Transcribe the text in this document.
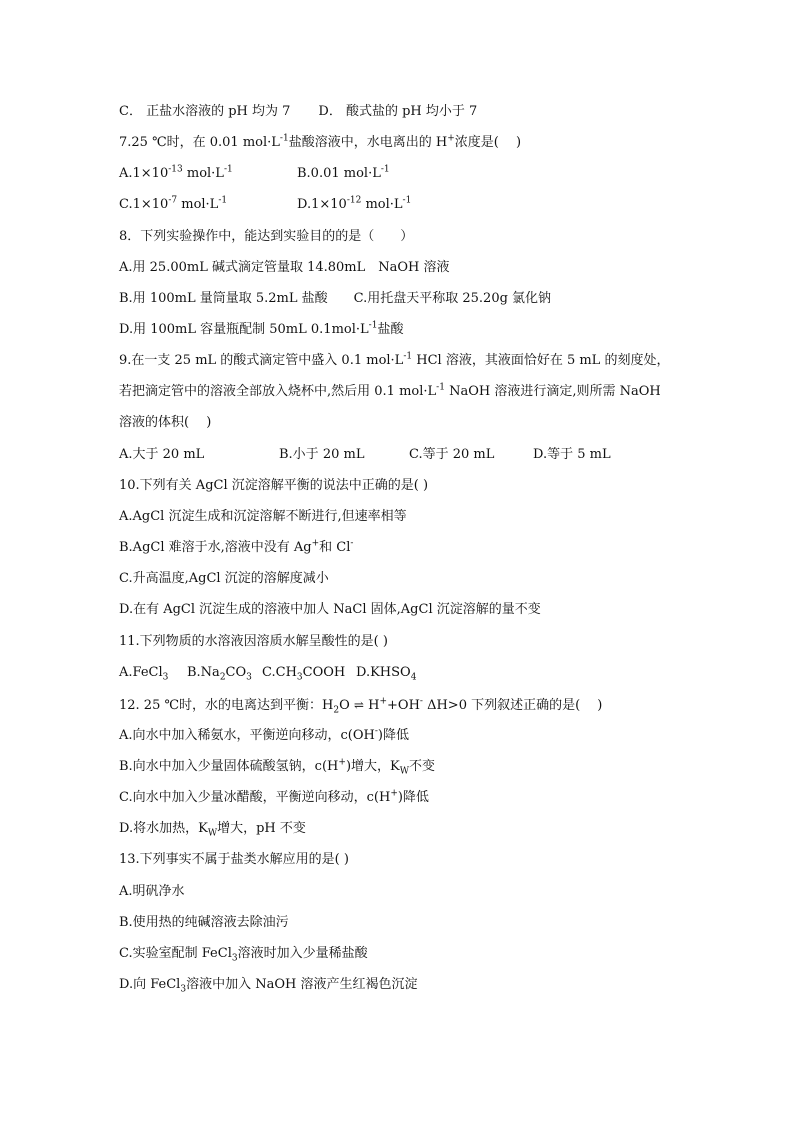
C． 正盐水溶液的 pH 均为 7 D． 酸式盐的 pH 均小于 7
7.25 ℃时，在 0.01 $mol\cdot L^{-1}$盐酸溶液中，水电离出的 H+浓度是(　 )
$A.1\times 10^{-13}$ $mol\cdot L^{-1}$	B.0.01 $mol\cdot L^{-1}$
$C.1\times 10^{-7}$ $mol\cdot L^{-1}$	$D.1\times 10^{-12}$ $mol\cdot L^{-1}$
8．下列实验操作中，能达到实验目的的是（　　）
A.用 25.00mL 碱式滴定管量取 14.80mL　NaOH 溶液
B.用 100mL 量筒量取 5.2mL 盐酸　　C.用托盘天平称取 25.20g 氯化钠
D.用 100mL 容量瓶配制 50mL $0.1mol\cdot L^{-1}$盐酸
9.在一支 25 mL 的酸式滴定管中盛入 0.1 $mol\cdot L^{-1}$ HCl 溶液，其液面恰好在 5 mL 的刻度处，
若把滴定管中的溶液全部放入烧杯中,然后用 0.1 $mol\cdot L^{-1}$ NaOH 溶液进行滴定,则所需 NaOH
溶液的体积(　 )
A.大于 20 mL	B.小于 20 mL	C.等于 20 mL	D.等于 5 mL
10.下列有关 AgCl 沉淀溶解平衡的说法中正确的是( )
A.AgCl 沉淀生成和沉淀溶解不断进行,但速率相等
B.AgCl 难溶于水,溶液中没有 Ag+和 Cl-
C.升高温度,AgCl 沉淀的溶解度减小
D.在有 AgCl 沉淀生成的溶液中加人 NaCl 固体,AgCl 沉淀溶解的量不变
11.下列物质的水溶液因溶质水解呈酸性的是( )
A.FeCl$_3$ $B.Na_2CO_3$ $C.CH_3COOH$ $D.KHSO_4$
12. 25 ℃时，水的电离达到平衡：$H_2O$ ⇌ H++OH- ΔH>0 下列叙述正确的是(　 )
A.向水中加入稀氨水，平衡逆向移动，c(OH-)降低
B.向水中加入少量固体硫酸氢钠，c(H+)增大，$K_W$不变
C.向水中加入少量冰醋酸，平衡逆向移动，c(H+)降低
D.将水加热，$K_W$增大，pH 不变
13.下列事实不属于盐类水解应用的是( )
A.明矾净水
B.使用热的纯碱溶液去除油污
C.实验室配制 FeCl$_3$溶液时加入少量稀盐酸
D.向 FeCl$_3$溶液中加入 NaOH 溶液产生红褐色沉淀
